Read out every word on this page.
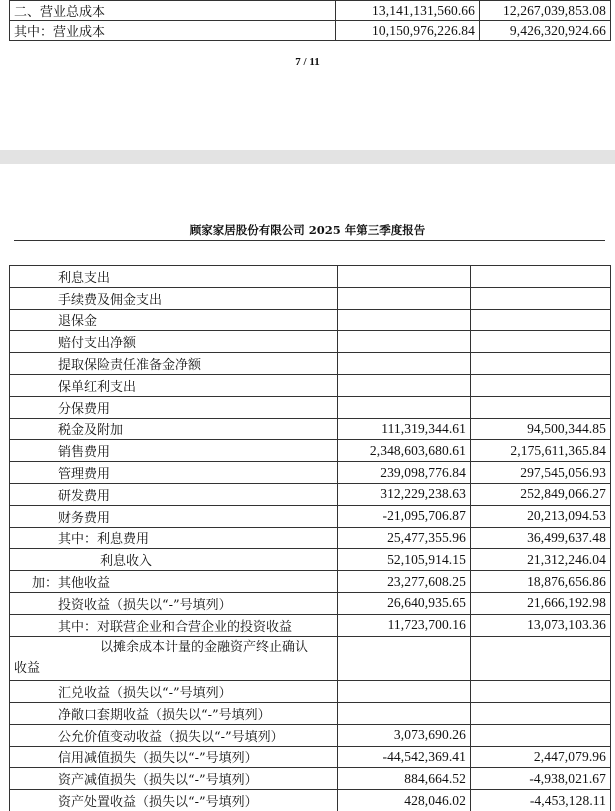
二、营业总成本	13,141,131,560.66	12,267,039,853.08
其中：营业成本	10,150,976,226.84	9,426,320,924.66
7 / 11
顾家家居股份有限公司 2025 年第三季度报告
利息支出		
手续费及佣金支出		
退保金		
赔付支出净额		
提取保险责任准备金净额		
保单红利支出		
分保费用		
税金及附加	111,319,344.61	94,500,344.85
销售费用	2,348,603,680.61	2,175,611,365.84
管理费用	239,098,776.84	297,545,056.93
研发费用	312,229,238.63	252,849,066.27
财务费用	-21,095,706.87	20,213,094.53
其中：利息费用	25,477,355.96	36,499,637.48
利息收入	52,105,914.15	21,312,246.04
加：其他收益	23,277,608.25	18,876,656.86
投资收益（损失以“-”号填列）	26,640,935.65	21,666,192.98
其中：对联营企业和合营企业的投资收益	11,723,700.16	13,073,103.36

以摊余成本计量的金融资产终止确认
收益		

汇兑收益（损失以“-”号填列）		
净敞口套期收益（损失以“-”号填列）		
公允价值变动收益（损失以“-”号填列）	3,073,690.26	
信用减值损失（损失以“-”号填列）	-44,542,369.41	2,447,079.96
资产减值损失（损失以“-”号填列）	884,664.52	-4,938,021.67
资产处置收益（损失以“-”号填列）	428,046.02	-4,453,128.11
